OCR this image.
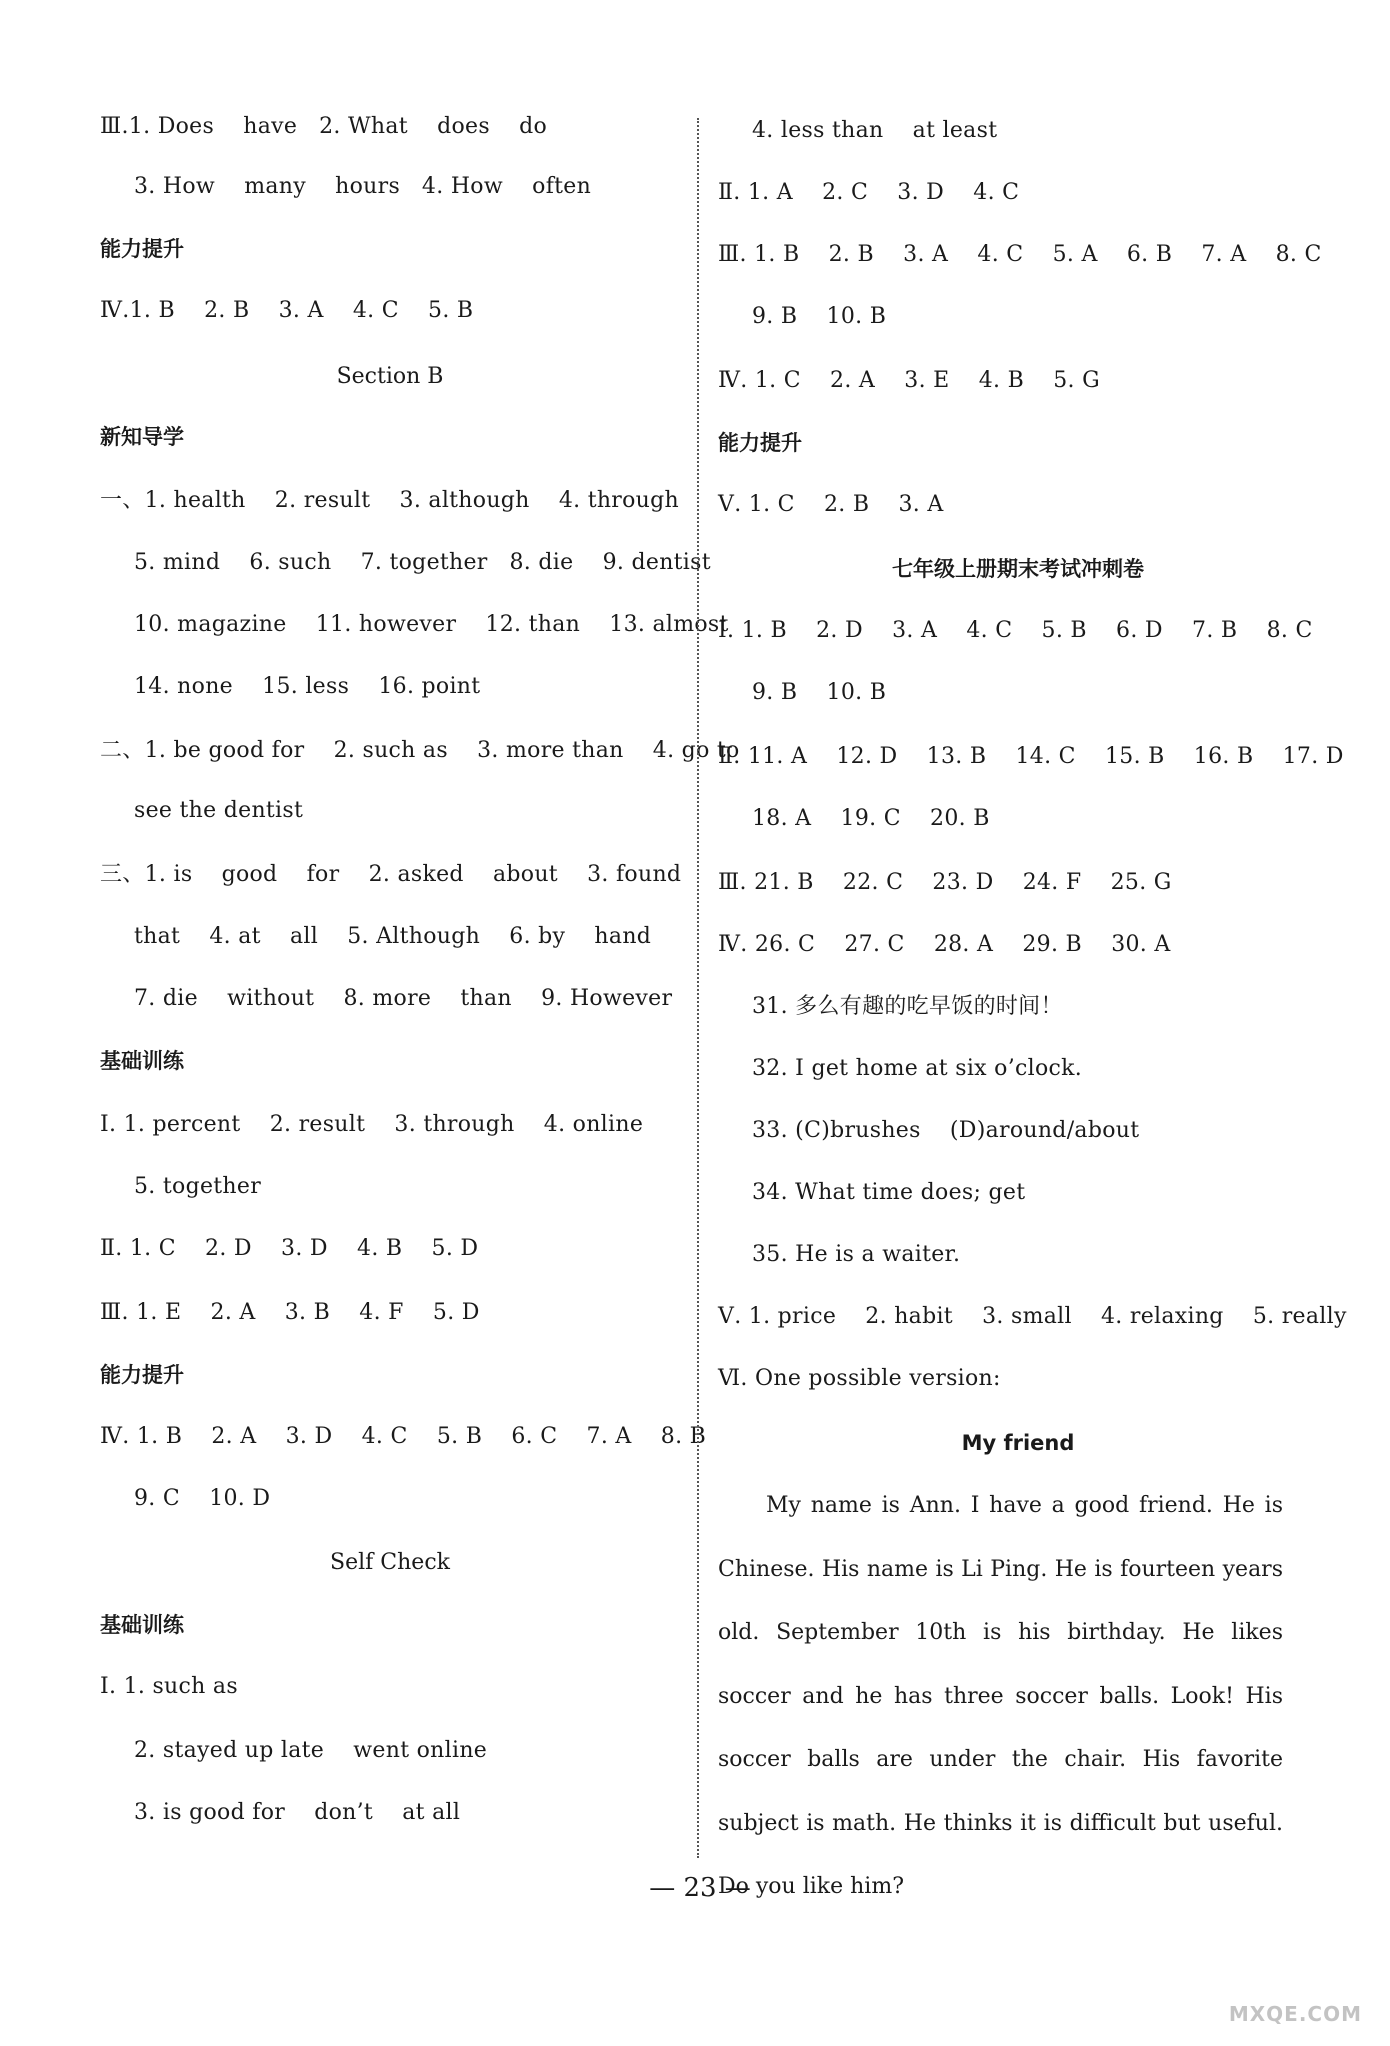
Ⅲ.1. Does    have   2. What    does    do
3. How    many    hours   4. How    often
能力提升
Ⅳ.1. B    2. B    3. A    4. C    5. B
Section B
新知导学
一、1. health    2. result    3. although    4. through
5. mind    6. such    7. together   8. die    9. dentist
10. magazine    11. however    12. than    13. almost
14. none    15. less    16. point
二、1. be good for    2. such as    3. more than    4. go to
see the dentist
三、1. is    good    for    2. asked    about    3. found
that    4. at    all    5. Although    6. by    hand
7. die    without    8. more    than    9. However
基础训练
Ⅰ. 1. percent    2. result    3. through    4. online
5. together
Ⅱ. 1. C    2. D    3. D    4. B    5. D
Ⅲ. 1. E    2. A    3. B    4. F    5. D
能力提升
Ⅳ. 1. B    2. A    3. D    4. C    5. B    6. C    7. A    8. B
9. C    10. D
Self Check
基础训练
Ⅰ. 1. such as
2. stayed up late    went online
3. is good for    don’t    at all
4. less than    at least
Ⅱ. 1. A    2. C    3. D    4. C
Ⅲ. 1. B    2. B    3. A    4. C    5. A    6. B    7. A    8. C
9. B    10. B
Ⅳ. 1. C    2. A    3. E    4. B    5. G
能力提升
Ⅴ. 1. C    2. B    3. A
七年级上册期末考试冲刺卷
Ⅰ. 1. B    2. D    3. A    4. C    5. B    6. D    7. B    8. C
9. B    10. B
Ⅱ. 11. A    12. D    13. B    14. C    15. B    16. B    17. D
18. A    19. C    20. B
Ⅲ. 21. B    22. C    23. D    24. F    25. G
Ⅳ. 26. C    27. C    28. A    29. B    30. A
31. 多么有趣的吃早饭的时间！
32. I get home at six o’clock.
33. (C)brushes    (D)around/about
34. What time does; get
35. He is a waiter.
Ⅴ. 1. price    2. habit    3. small    4. relaxing    5. really
Ⅵ. One possible version:
My friend
My name is Ann. I have a good friend. He is Chinese. His name is Li Ping. He is fourteen years old. September 10th is his birthday. He likes soccer and he has three soccer balls. Look! His soccer balls are under the chair. His favorite subject is math. He thinks it is difficult but useful. Do you like him?
— 23 —
MXQE.COM
